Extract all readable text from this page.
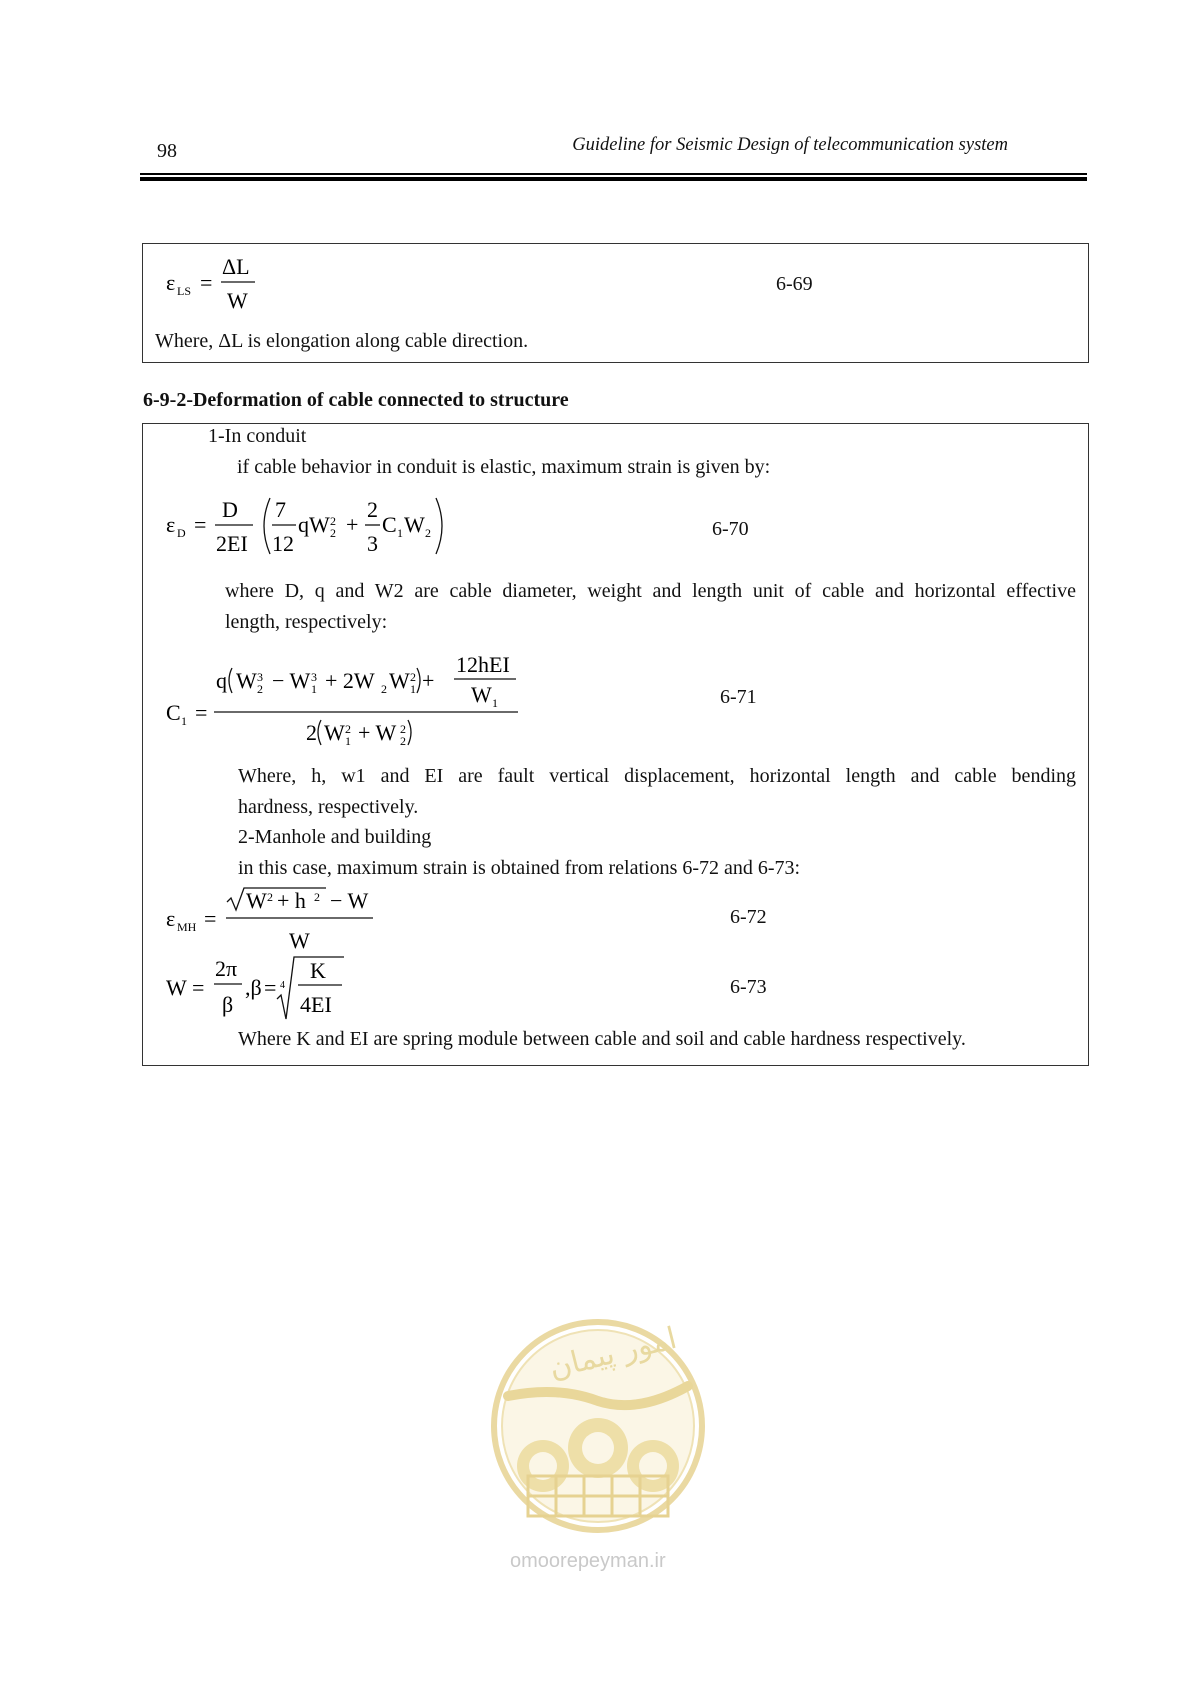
98	Guideline for Seismic Design of telecommunication system
ε LS =
ΔL
W
6-69
Where, ΔL is elongation along cable direction.
6-9-2-Deformation of cable connected to structure
1-In conduit
if cable behavior in conduit is elastic, maximum strain is given by:
ε D =
D
2EI
7
12
qW 2
2 +
2
3
C 1 W 2	6-70
where D, q and W2 are cable diameter, weight and length unit of cable and horizontal effective
length, respectively:
C 1 =
q W 3
2 − W 3
1 + 2W 2 W 2
1 +
12hEI
W 1
2 W 2
1 + W 2
2
6-71
Where, h, w1 and EI are fault vertical displacement, horizontal length and cable bending
hardness, respectively.
2-Manhole and building
in this case, maximum strain is obtained from relations 6-72 and 6-73:
ε MH =
W 2 + h 2 − W
W
6-72
W =
2π
β
,β = 4
K
4EI
6-73
Where K and EI are spring module between cable and soil and cable hardness respectively.
امور پیمان
omoorepeyman.ir
